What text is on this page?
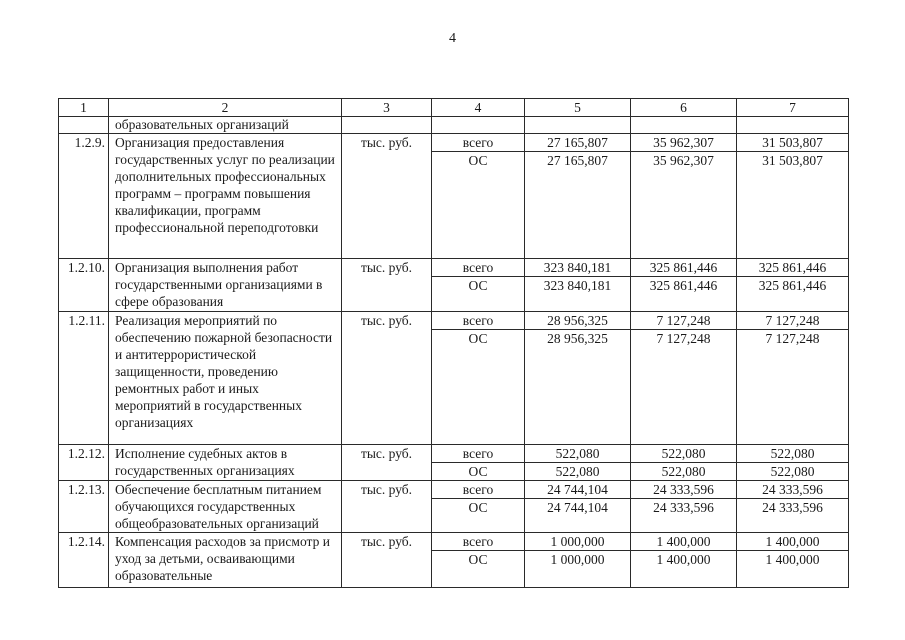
4
1	2	3	4	5	6	7
	образовательных организаций					
1.2.9.	Организация предоставления государственных услуг по реализации дополнительных профессиональных программ – программ повышения квалификации, программ профессиональной переподготовки	тыс. руб.	всего	27 165,807	35 962,307	31 503,807
			ОС	27 165,807	35 962,307	31 503,807
1.2.10.	Организация выполнения работ государственными организациями в сфере образования	тыс. руб.	всего	323 840,181	325 861,446	325 861,446
			ОС	323 840,181	325 861,446	325 861,446
1.2.11.	Реализация мероприятий по обеспечению пожарной безопасности и антитеррористической защищенности, проведению ремонтных работ и иных мероприятий в государственных организациях	тыс. руб.	всего	28 956,325	7 127,248	7 127,248
			ОС	28 956,325	7 127,248	7 127,248
1.2.12.	Исполнение судебных актов в государственных организациях	тыс. руб.	всего	522,080	522,080	522,080
			ОС	522,080	522,080	522,080
1.2.13.	Обеспечение бесплатным питанием обучающихся государственных общеобразовательных организаций	тыс. руб.	всего	24 744,104	24 333,596	24 333,596
			ОС	24 744,104	24 333,596	24 333,596
1.2.14.	Компенсация расходов за присмотр и уход за детьми, осваивающими образовательные	тыс. руб.	всего	1 000,000	1 400,000	1 400,000
			ОС	1 000,000	1 400,000	1 400,000
